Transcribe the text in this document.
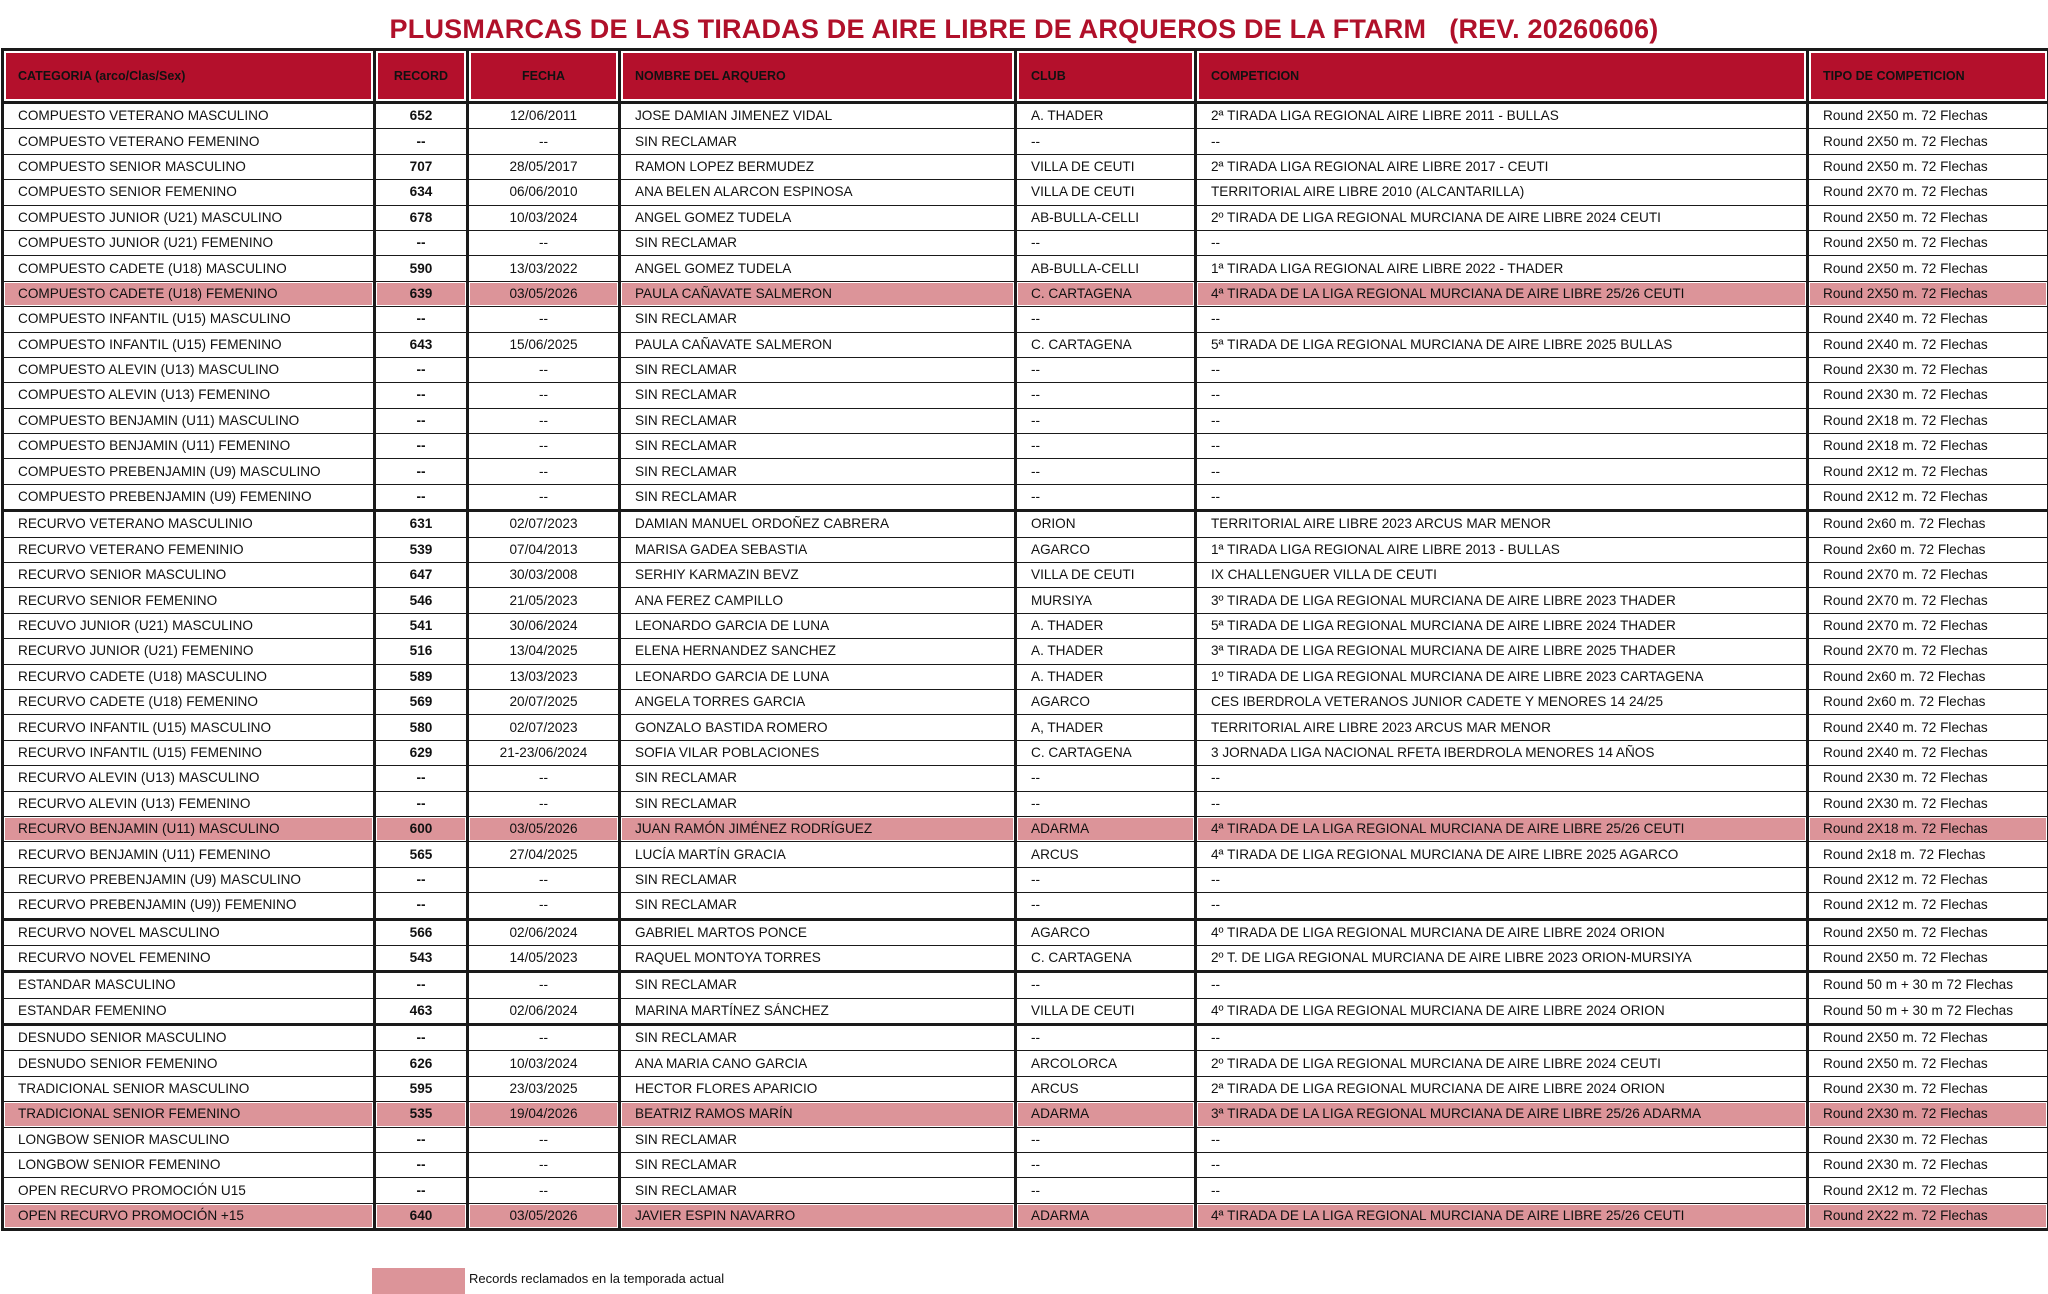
PLUSMARCAS DE LAS TIRADAS DE AIRE LIBRE DE ARQUEROS DE LA FTARM   (REV. 20260606)
CATEGORIA (arco/Clas/Sex)	RECORD	FECHA	NOMBRE DEL ARQUERO	CLUB	COMPETICION	TIPO DE COMPETICION
COMPUESTO VETERANO MASCULINO	652	12/06/2011	JOSE DAMIAN JIMENEZ VIDAL	A. THADER	2ª TIRADA LIGA REGIONAL AIRE LIBRE 2011 - BULLAS	Round 2X50 m. 72 Flechas
COMPUESTO VETERANO FEMENINO	--	--	SIN RECLAMAR	--	--	Round 2X50 m. 72 Flechas
COMPUESTO SENIOR MASCULINO	707	28/05/2017	RAMON LOPEZ BERMUDEZ	VILLA DE CEUTI	2ª TIRADA LIGA REGIONAL AIRE LIBRE 2017 - CEUTI	Round 2X50 m. 72 Flechas
COMPUESTO SENIOR FEMENINO	634	06/06/2010	ANA BELEN ALARCON ESPINOSA	VILLA DE CEUTI	TERRITORIAL AIRE LIBRE 2010 (ALCANTARILLA)	Round 2X70 m. 72 Flechas
COMPUESTO JUNIOR (U21) MASCULINO	678	10/03/2024	ANGEL GOMEZ TUDELA	AB-BULLA-CELLI	2º TIRADA DE LIGA REGIONAL MURCIANA DE AIRE LIBRE 2024 CEUTI	Round 2X50 m. 72 Flechas
COMPUESTO JUNIOR (U21) FEMENINO	--	--	SIN RECLAMAR	--	--	Round 2X50 m. 72 Flechas
COMPUESTO CADETE (U18) MASCULINO	590	13/03/2022	ANGEL GOMEZ TUDELA	AB-BULLA-CELLI	1ª TIRADA LIGA REGIONAL AIRE LIBRE 2022 - THADER	Round 2X50 m. 72 Flechas
COMPUESTO CADETE (U18) FEMENINO	639	03/05/2026	PAULA CAÑAVATE SALMERON	C. CARTAGENA	4ª TIRADA DE LA LIGA REGIONAL MURCIANA DE AIRE LIBRE 25/26 CEUTI	Round 2X50 m. 72 Flechas
COMPUESTO INFANTIL (U15) MASCULINO	--	--	SIN RECLAMAR	--	--	Round 2X40 m. 72 Flechas
COMPUESTO INFANTIL (U15) FEMENINO	643	15/06/2025	PAULA CAÑAVATE SALMERON	C. CARTAGENA	5ª TIRADA DE LIGA REGIONAL MURCIANA DE AIRE LIBRE 2025 BULLAS	Round 2X40 m. 72 Flechas
COMPUESTO ALEVIN (U13) MASCULINO	--	--	SIN RECLAMAR	--	--	Round 2X30 m. 72 Flechas
COMPUESTO ALEVIN (U13) FEMENINO	--	--	SIN RECLAMAR	--	--	Round 2X30 m. 72 Flechas
COMPUESTO BENJAMIN (U11) MASCULINO	--	--	SIN RECLAMAR	--	--	Round 2X18 m. 72 Flechas
COMPUESTO BENJAMIN (U11) FEMENINO	--	--	SIN RECLAMAR	--	--	Round 2X18 m. 72 Flechas
COMPUESTO PREBENJAMIN (U9) MASCULINO	--	--	SIN RECLAMAR	--	--	Round 2X12 m. 72 Flechas
COMPUESTO PREBENJAMIN (U9) FEMENINO	--	--	SIN RECLAMAR	--	--	Round 2X12 m. 72 Flechas
RECURVO VETERANO MASCULINIO	631	02/07/2023	DAMIAN MANUEL ORDOÑEZ CABRERA	ORION	TERRITORIAL AIRE LIBRE 2023 ARCUS MAR MENOR	Round 2x60 m. 72 Flechas
RECURVO VETERANO FEMENINIO	539	07/04/2013	MARISA GADEA SEBASTIA	AGARCO	1ª TIRADA LIGA REGIONAL AIRE LIBRE 2013 - BULLAS	Round 2x60 m. 72 Flechas
RECURVO SENIOR MASCULINO	647	30/03/2008	SERHIY KARMAZIN BEVZ	VILLA DE CEUTI	IX CHALLENGUER VILLA DE CEUTI	Round 2X70 m. 72 Flechas
RECURVO SENIOR FEMENINO	546	21/05/2023	ANA FEREZ CAMPILLO	MURSIYA	3º TIRADA DE LIGA REGIONAL MURCIANA DE AIRE LIBRE 2023 THADER	Round 2X70 m. 72 Flechas
RECUVO JUNIOR (U21) MASCULINO	541	30/06/2024	LEONARDO GARCIA DE LUNA	A. THADER	5ª TIRADA DE LIGA REGIONAL MURCIANA DE AIRE LIBRE 2024 THADER	Round 2X70 m. 72 Flechas
RECURVO JUNIOR (U21) FEMENINO	516	13/04/2025	ELENA HERNANDEZ SANCHEZ	A. THADER	3ª TIRADA DE LIGA REGIONAL MURCIANA DE AIRE LIBRE 2025 THADER	Round 2X70 m. 72 Flechas
RECURVO CADETE (U18) MASCULINO	589	13/03/2023	LEONARDO GARCIA DE LUNA	A. THADER	1º TIRADA DE LIGA REGIONAL MURCIANA DE AIRE LIBRE 2023 CARTAGENA	Round 2x60 m. 72 Flechas
RECURVO CADETE (U18) FEMENINO	569	20/07/2025	ANGELA TORRES GARCIA	AGARCO	CES IBERDROLA VETERANOS JUNIOR CADETE Y MENORES 14 24/25	Round 2x60 m. 72 Flechas
RECURVO INFANTIL (U15) MASCULINO	580	02/07/2023	GONZALO BASTIDA ROMERO	A, THADER	TERRITORIAL AIRE LIBRE 2023 ARCUS MAR MENOR	Round 2X40 m. 72 Flechas
RECURVO INFANTIL (U15) FEMENINO	629	21-23/06/2024	SOFIA VILAR POBLACIONES	C. CARTAGENA	3 JORNADA LIGA NACIONAL RFETA IBERDROLA MENORES 14 AÑOS	Round 2X40 m. 72 Flechas
RECURVO ALEVIN (U13) MASCULINO	--	--	SIN RECLAMAR	--	--	Round 2X30 m. 72 Flechas
RECURVO ALEVIN (U13) FEMENINO	--	--	SIN RECLAMAR	--	--	Round 2X30 m. 72 Flechas
RECURVO BENJAMIN (U11) MASCULINO	600	03/05/2026	JUAN RAMÓN JIMÉNEZ RODRÍGUEZ	ADARMA	4ª TIRADA DE LA LIGA REGIONAL MURCIANA DE AIRE LIBRE 25/26 CEUTI	Round 2X18 m. 72 Flechas
RECURVO BENJAMIN (U11) FEMENINO	565	27/04/2025	LUCÍA MARTÍN GRACIA	ARCUS	4ª TIRADA DE LIGA REGIONAL MURCIANA DE AIRE LIBRE 2025 AGARCO	Round 2x18 m. 72 Flechas
RECURVO PREBENJAMIN (U9) MASCULINO	--	--	SIN RECLAMAR	--	--	Round 2X12 m. 72 Flechas
RECURVO PREBENJAMIN (U9)) FEMENINO	--	--	SIN RECLAMAR	--	--	Round 2X12 m. 72 Flechas
RECURVO NOVEL MASCULINO	566	02/06/2024	GABRIEL MARTOS PONCE	AGARCO	4º TIRADA DE LIGA REGIONAL MURCIANA DE AIRE LIBRE 2024 ORION	Round 2X50 m. 72 Flechas
RECURVO NOVEL FEMENINO	543	14/05/2023	RAQUEL MONTOYA TORRES	C. CARTAGENA	2º T. DE LIGA REGIONAL MURCIANA DE AIRE LIBRE 2023 ORION-MURSIYA	Round 2X50 m. 72 Flechas
ESTANDAR MASCULINO	--	--	SIN RECLAMAR	--	--	Round 50 m + 30 m 72 Flechas
ESTANDAR FEMENINO	463	02/06/2024	MARINA MARTÍNEZ SÁNCHEZ	VILLA DE CEUTI	4º TIRADA DE LIGA REGIONAL MURCIANA DE AIRE LIBRE 2024 ORION	Round 50 m + 30 m 72 Flechas
DESNUDO SENIOR MASCULINO	--	--	SIN RECLAMAR	--	--	Round 2X50 m. 72 Flechas
DESNUDO SENIOR FEMENINO	626	10/03/2024	ANA MARIA CANO GARCIA	ARCOLORCA	2º TIRADA DE LIGA REGIONAL MURCIANA DE AIRE LIBRE 2024 CEUTI	Round 2X50 m. 72 Flechas
TRADICIONAL SENIOR MASCULINO	595	23/03/2025	HECTOR FLORES APARICIO	ARCUS	2ª TIRADA DE LIGA REGIONAL MURCIANA DE AIRE LIBRE 2024 ORION	Round 2X30 m. 72 Flechas
TRADICIONAL SENIOR FEMENINO	535	19/04/2026	BEATRIZ RAMOS MARÍN	ADARMA	3ª TIRADA DE LA LIGA REGIONAL MURCIANA DE AIRE LIBRE 25/26 ADARMA	Round 2X30 m. 72 Flechas
LONGBOW SENIOR MASCULINO	--	--	SIN RECLAMAR	--	--	Round 2X30 m. 72 Flechas
LONGBOW SENIOR FEMENINO	--	--	SIN RECLAMAR	--	--	Round 2X30 m. 72 Flechas
OPEN RECURVO PROMOCIÓN U15	--	--	SIN RECLAMAR	--	--	Round 2X12 m. 72 Flechas
OPEN RECURVO PROMOCIÓN +15	640	03/05/2026	JAVIER ESPIN NAVARRO	ADARMA	4ª TIRADA DE LA LIGA REGIONAL MURCIANA DE AIRE LIBRE 25/26 CEUTI	Round 2X22 m. 72 Flechas
Records reclamados en la temporada actual
